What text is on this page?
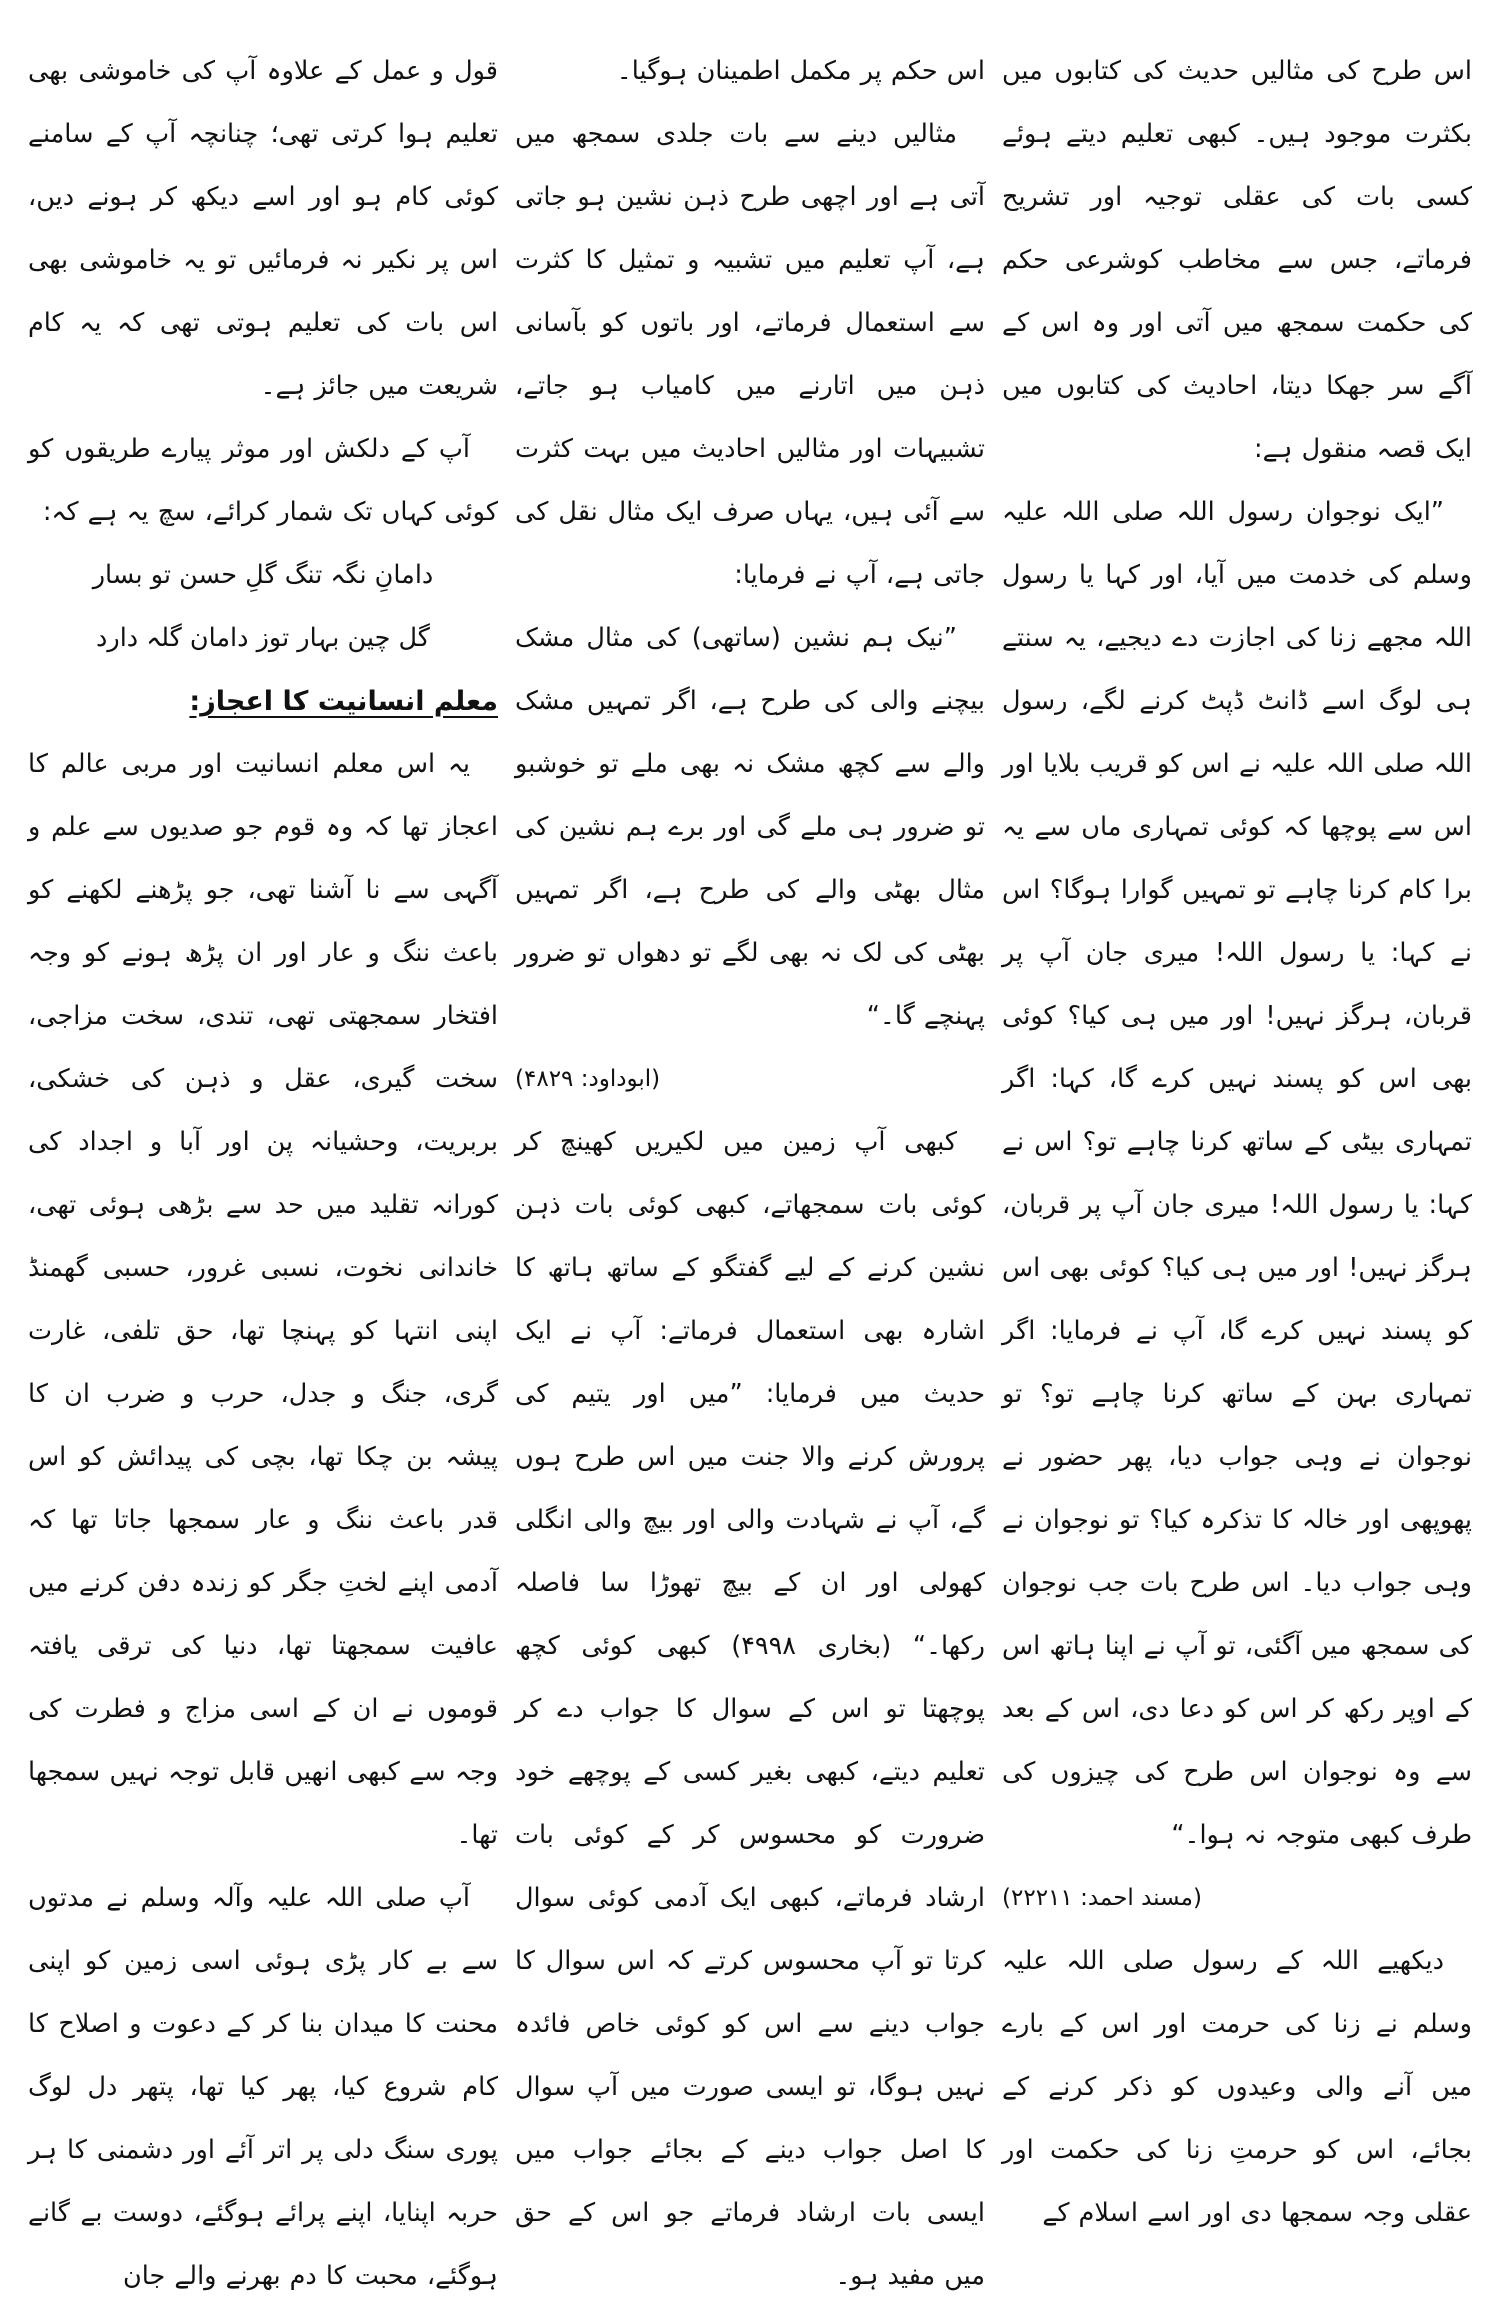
اس طرح کی مثالیں حدیث کی کتابوں میں بکثرت موجود ہیں۔ کبھی تعلیم دیتے ہوئے کسی بات کی عقلی توجیہ اور تشریح فرماتے، جس سے مخاطب کوشرعی حکم کی حکمت سمجھ میں آتی اور وہ اس کے آگے سر جھکا دیتا، احادیث کی کتابوں میں ایک قصہ منقول ہے:

”ایک نوجوان رسول اللہ صلی اللہ علیہ وسلم کی خدمت میں آیا، اور کہا یا رسول اللہ مجھے زنا کی اجازت دے دیجیے، یہ سنتے ہی لوگ اسے ڈانٹ ڈپٹ کرنے لگے، رسول اللہ صلی اللہ علیہ نے اس کو قریب بلایا اور اس سے پوچھا کہ کوئی تمہاری ماں سے یہ برا کام کرنا چاہے تو تمہیں گوارا ہوگا؟ اس نے کہا: یا رسول اللہ! میری جان آپ پر قربان، ہرگز نہیں! اور میں ہی کیا؟ کوئی بھی اس کو پسند نہیں کرے گا، کہا: اگر تمہاری بیٹی کے ساتھ کرنا چاہے تو؟ اس نے کہا: یا رسول اللہ! میری جان آپ پر قربان، ہرگز نہیں! اور میں ہی کیا؟ کوئی بھی اس کو پسند نہیں کرے گا، آپ نے فرمایا: اگر تمہاری بہن کے ساتھ کرنا چاہے تو؟ تو نوجوان نے وہی جواب دیا، پھر حضور نے پھوپھی اور خالہ کا تذکرہ کیا؟ تو نوجوان نے وہی جواب دیا۔ اس طرح بات جب نوجوان کی سمجھ میں آگئی، تو آپ نے اپنا ہاتھ اس کے اوپر رکھ کر اس کو دعا دی، اس کے بعد سے وہ نوجوان اس طرح کی چیزوں کی طرف کبھی متوجہ نہ ہوا۔“

(مسند احمد: ۲۲۲۱۱)

دیکھیے اللہ کے رسول صلی اللہ علیہ وسلم نے زنا کی حرمت اور اس کے بارے میں آنے والی وعیدوں کو ذکر کرنے کے بجائے، اس کو حرمتِ زنا کی حکمت اور عقلی وجہ سمجھا دی اور اسے اسلام کے

اس حکم پر مکمل اطمینان ہوگیا۔

مثالیں دینے سے بات جلدی سمجھ میں آتی ہے اور اچھی طرح ذہن نشین ہو جاتی ہے، آپ تعلیم میں تشبیہ و تمثیل کا کثرت سے استعمال فرماتے، اور باتوں کو بآسانی ذہن میں اتارنے میں کامیاب ہو جاتے، تشبیہات اور مثالیں احادیث میں بہت کثرت سے آئی ہیں، یہاں صرف ایک مثال نقل کی جاتی ہے، آپ نے فرمایا:

”نیک ہم نشین (ساتھی) کی مثال مشک بیچنے والی کی طرح ہے، اگر تمہیں مشک والے سے کچھ مشک نہ بھی ملے تو خوشبو تو ضرور ہی ملے گی اور برے ہم نشین کی مثال بھٹی والے کی طرح ہے، اگر تمہیں بھٹی کی لک نہ بھی لگے تو دھواں تو ضرور پہنچے گا۔“

(ابوداود: ۴۸۲۹)

کبھی آپ زمین میں لکیریں کھینچ کر کوئی بات سمجھاتے، کبھی کوئی بات ذہن نشین کرنے کے لیے گفتگو کے ساتھ ہاتھ کا اشارہ بھی استعمال فرماتے: آپ نے ایک حدیث میں فرمایا: ”میں اور یتیم کی پرورش کرنے والا جنت میں اس طرح ہوں گے، آپ نے شہادت والی اور بیچ والی انگلی کھولی اور ان کے بیچ تھوڑا سا فاصلہ رکھا۔“ (بخاری ۴۹۹۸) کبھی کوئی کچھ پوچھتا تو اس کے سوال کا جواب دے کر تعلیم دیتے، کبھی بغیر کسی کے پوچھے خود ضرورت کو محسوس کر کے کوئی بات ارشاد فرماتے، کبھی ایک آدمی کوئی سوال کرتا تو آپ محسوس کرتے کہ اس سوال کا جواب دینے سے اس کو کوئی خاص فائدہ نہیں ہوگا، تو ایسی صورت میں آپ سوال کا اصل جواب دینے کے بجائے جواب میں ایسی بات ارشاد فرماتے جو اس کے حق میں مفید ہو۔

قول و عمل کے علاوہ آپ کی خاموشی بھی تعلیم ہوا کرتی تھی؛ چنانچہ آپ کے سامنے کوئی کام ہو اور اسے دیکھ کر ہونے دیں، اس پر نکیر نہ فرمائیں تو یہ خاموشی بھی اس بات کی تعلیم ہوتی تھی کہ یہ کام شریعت میں جائز ہے۔

آپ کے دلکش اور موثر پیارے طریقوں کو کوئی کہاں تک شمار کرائے، سچ یہ ہے کہ:

دامانِ نگہ تنگ گلِ حسن تو بسار

گل چین بہار توز دامان گلہ دارد

معلم انسانیت کا اعجاز:

یہ اس معلم انسانیت اور مربی عالم کا اعجاز تھا کہ وہ قوم جو صدیوں سے علم و آگہی سے نا آشنا تھی، جو پڑھنے لکھنے کو باعث ننگ و عار اور ان پڑھ ہونے کو وجہ افتخار سمجھتی تھی، تندی، سخت مزاجی، سخت گیری، عقل و ذہن کی خشکی، بربریت، وحشیانہ پن اور آبا و اجداد کی کورانہ تقلید میں حد سے بڑھی ہوئی تھی، خاندانی نخوت، نسبی غرور، حسبی گھمنڈ اپنی انتہا کو پہنچا تھا، حق تلفی، غارت گری، جنگ و جدل، حرب و ضرب ان کا پیشہ بن چکا تھا، بچی کی پیدائش کو اس قدر باعث ننگ و عار سمجھا جاتا تھا کہ آدمی اپنے لختِ جگر کو زندہ دفن کرنے میں عافیت سمجھتا تھا، دنیا کی ترقی یافتہ قوموں نے ان کے اسی مزاج و فطرت کی وجہ سے کبھی انھیں قابل توجہ نہیں سمجھا تھا۔

آپ صلی اللہ علیہ وآلہ وسلم نے مدتوں سے بے کار پڑی ہوئی اسی زمین کو اپنی محنت کا میدان بنا کر کے دعوت و اصلاح کا کام شروع کیا، پھر کیا تھا، پتھر دل لوگ پوری سنگ دلی پر اتر آئے اور دشمنی کا ہر حربہ اپنایا، اپنے پرائے ہوگئے، دوست بے گانے ہوگئے، محبت کا دم بھرنے والے جان
